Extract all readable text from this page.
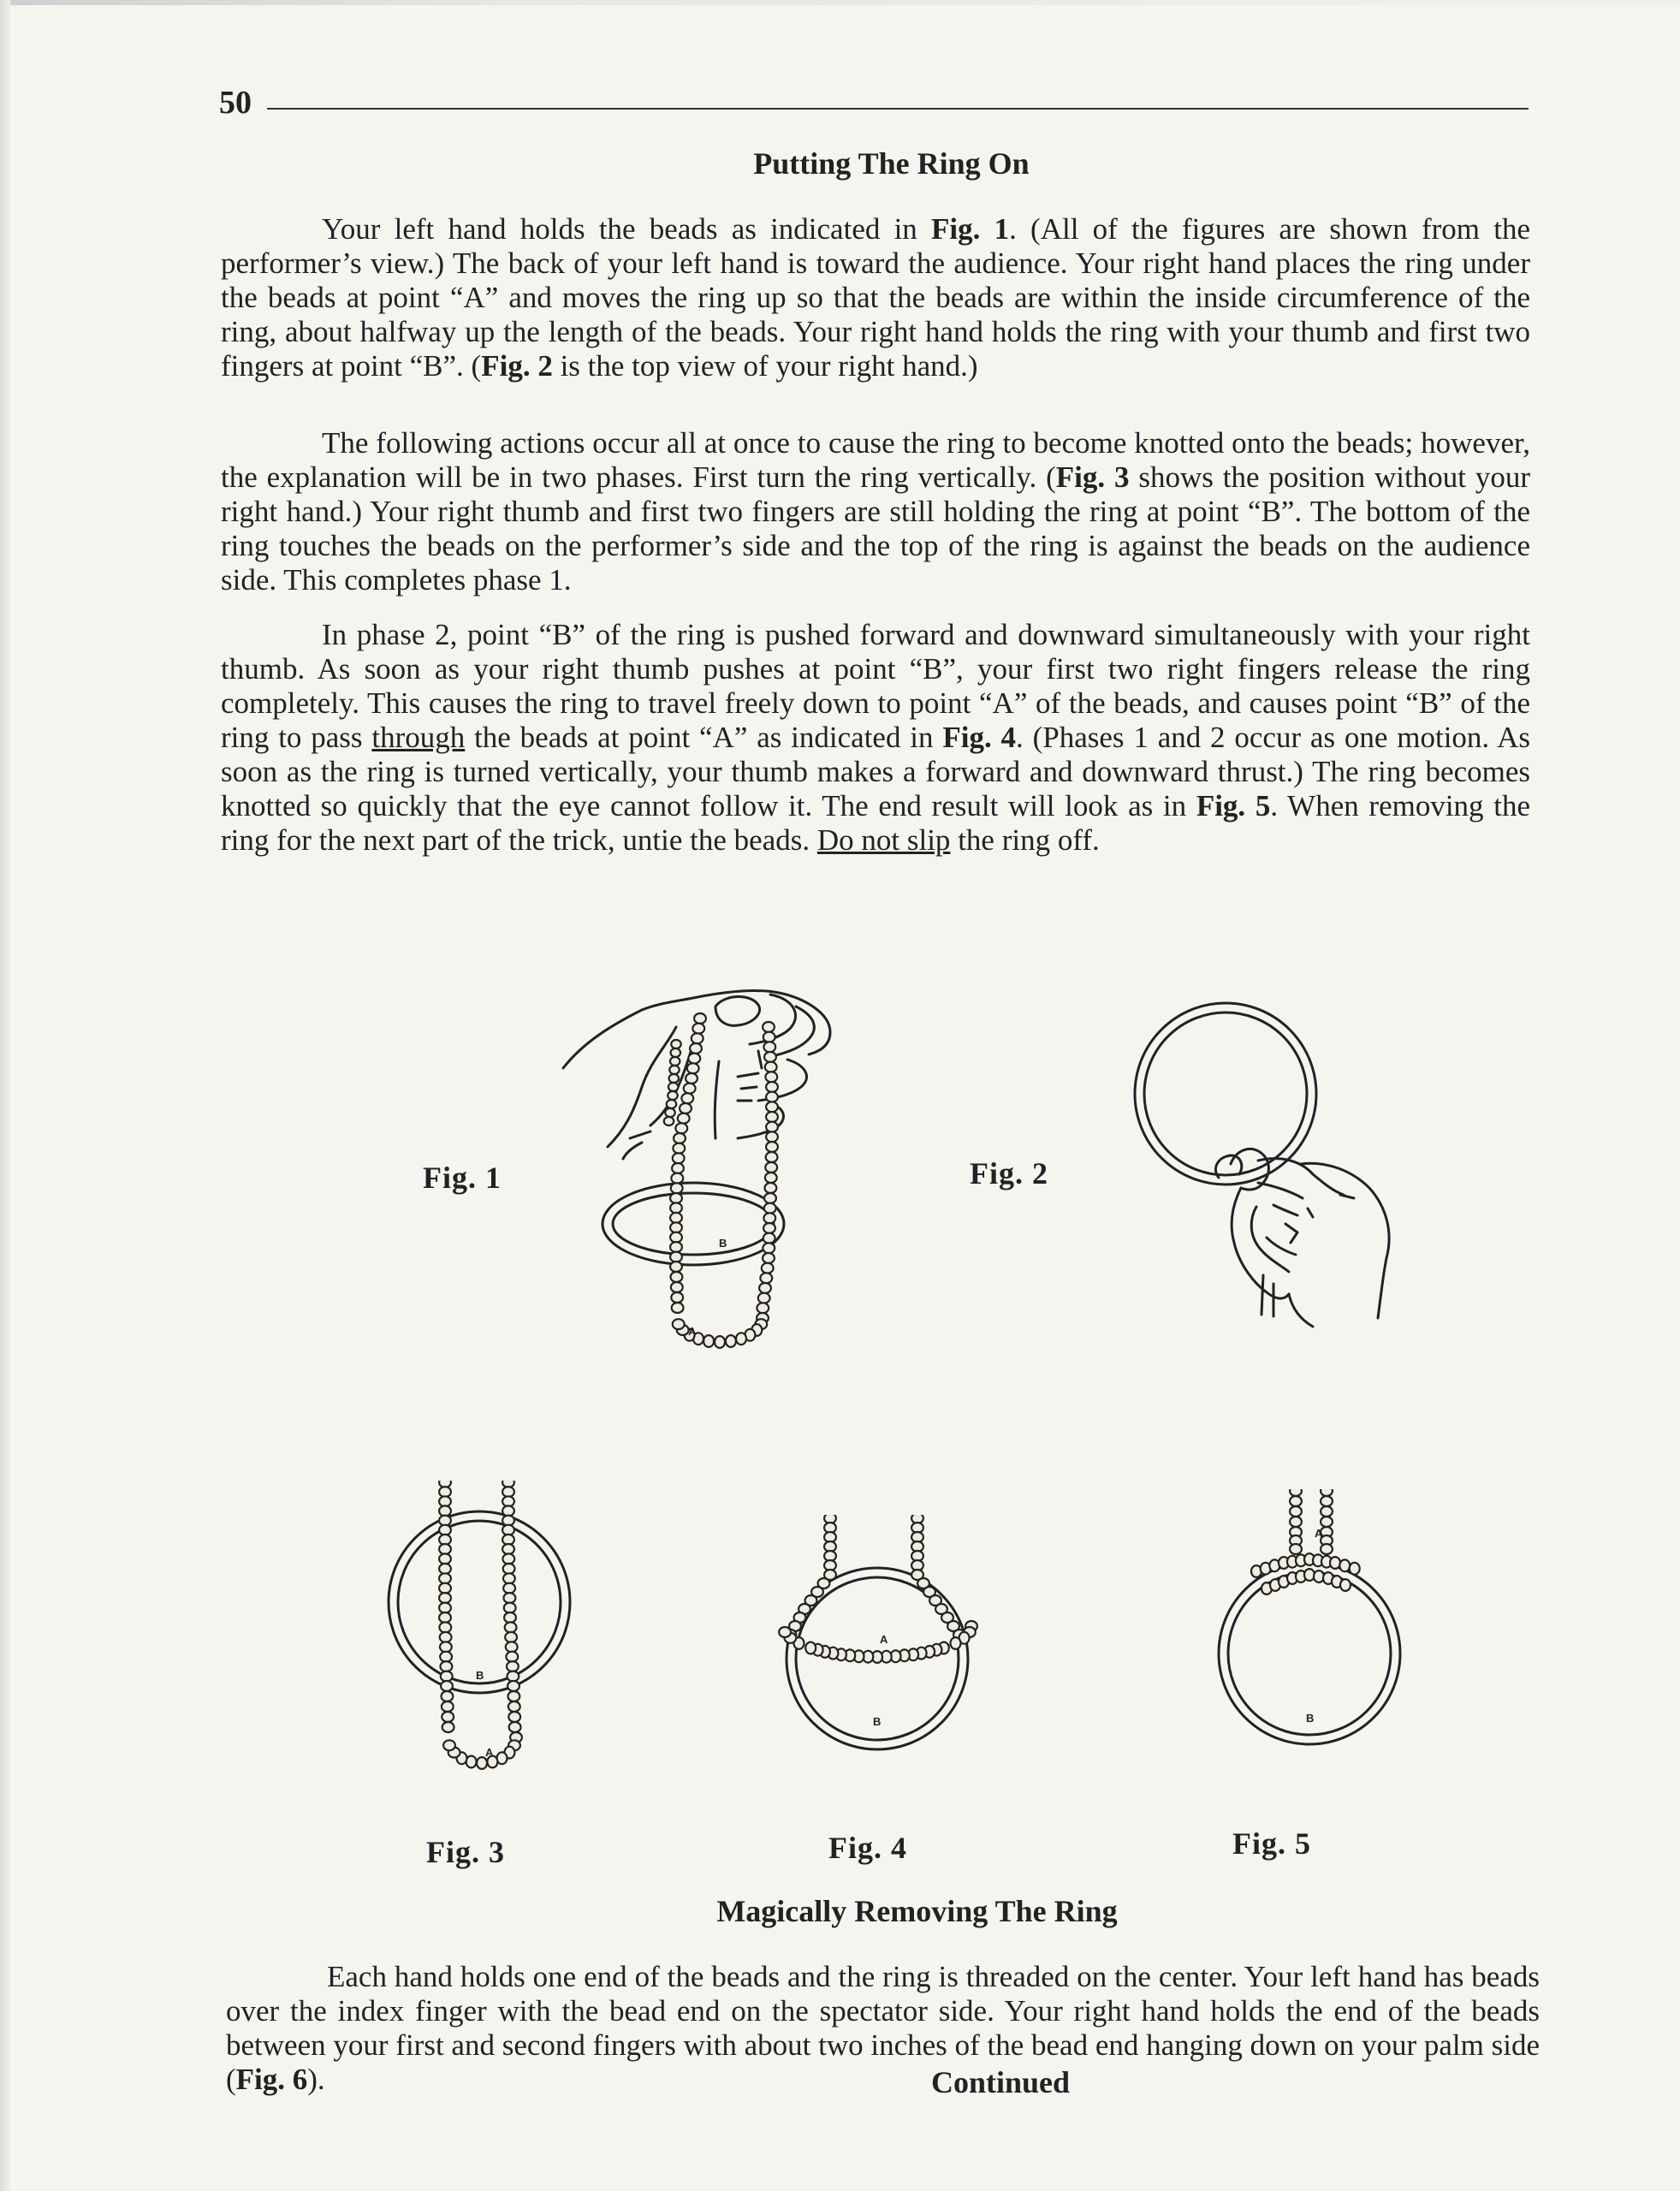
50
Putting The Ring On

Your left hand holds the beads as indicated in Fig. 1. (All of the figures are shown from the performer’s view.) The back of your left hand is toward the audience. Your right hand places the ring under the beads at point “A” and moves the ring up so that the beads are within the inside circumference of the ring, about halfway up the length of the beads. Your right hand holds the ring with your thumb and first two fingers at point “B”. (Fig. 2 is the top view of your right hand.)

The following actions occur all at once to cause the ring to become knotted onto the beads; however, the explanation will be in two phases. First turn the ring vertically. (Fig. 3 shows the position without your right hand.) Your right thumb and first two fingers are still holding the ring at point “B”. The bottom of the ring touches the beads on the performer’s side and the top of the ring is against the beads on the audience side. This completes phase 1.

In phase 2, point “B” of the ring is pushed forward and downward simultaneously with your right thumb. As soon as your right thumb pushes at point “B”, your first two right fingers release the ring completely. This causes the ring to travel freely down to point “A” of the beads, and causes point “B” of the ring to pass through the beads at point “A” as indicated in Fig. 4. (Phases 1 and 2 occur as one motion. As soon as the ring is turned vertically, your thumb makes a forward and downward thrust.) The ring becomes knotted so quickly that the eye cannot follow it. The end result will look as in Fig. 5. When removing the ring for the next part of the trick, untie the beads. Do not slip the ring off.

B
A
Fig. 1	Fig. 2
B
A
Fig. 3
A
B
Fig. 4
A
B
Fig. 5
Magically Removing The Ring

Each hand holds one end of the beads and the ring is threaded on the center. Your left hand has beads over the index finger with the bead end on the spectator side. Your right hand holds the end of the beads between your first and second fingers with about two inches of the bead end hanging down on your palm side (Fig. 6).	Continued
